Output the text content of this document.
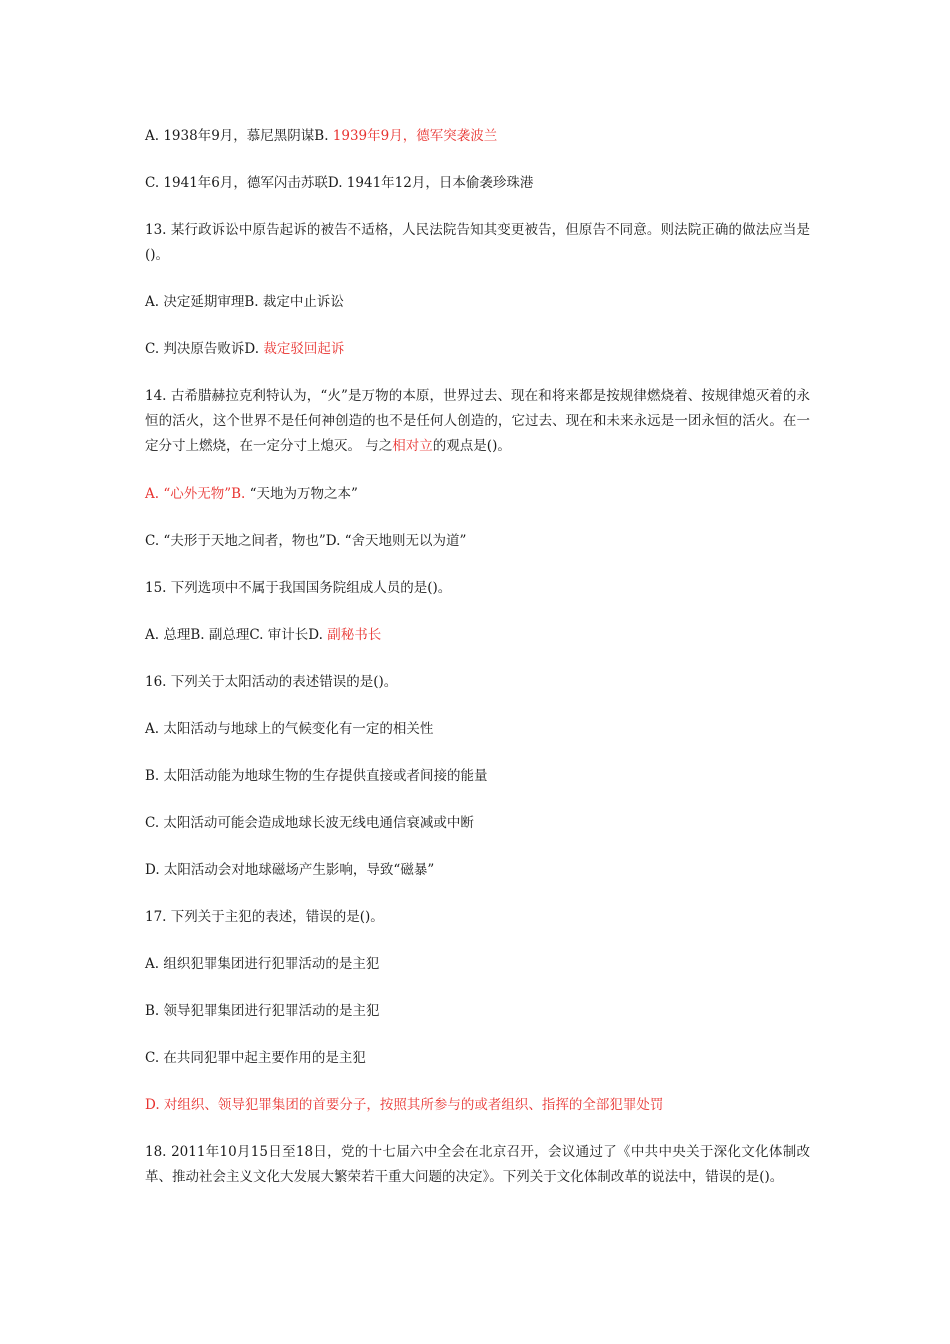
A. 1938年9月，慕尼黑阴谋B. 1939年9月，德军突袭波兰
C. 1941年6月，德军闪击苏联D. 1941年12月，日本偷袭珍珠港
13. 某行政诉讼中原告起诉的被告不适格，人民法院告知其变更被告，但原告不同意。则法院正确的做法应当是()。
A. 决定延期审理B. 裁定中止诉讼
C. 判决原告败诉D. 裁定驳回起诉
14. 古希腊赫拉克利特认为，“火”是万物的本原，世界过去、现在和将来都是按规律燃烧着、按规律熄灭着的永恒的活火，这个世界不是任何神创造的也不是任何人创造的，它过去、现在和未来永远是一团永恒的活火。在一定分寸上燃烧，在一定分寸上熄灭。 与之相对立的观点是()。
A. “心外无物”B. “天地为万物之本”
C. “夫形于天地之间者，物也”D. “舍天地则无以为道”
15. 下列选项中不属于我国国务院组成人员的是()。
A. 总理B. 副总理C. 审计长D. 副秘书长
16. 下列关于太阳活动的表述错误的是()。
A. 太阳活动与地球上的气候变化有一定的相关性
B. 太阳活动能为地球生物的生存提供直接或者间接的能量
C. 太阳活动可能会造成地球长波无线电通信衰减或中断
D. 太阳活动会对地球磁场产生影响，导致“磁暴”
17. 下列关于主犯的表述，错误的是()。
A. 组织犯罪集团进行犯罪活动的是主犯
B. 领导犯罪集团进行犯罪活动的是主犯
C. 在共同犯罪中起主要作用的是主犯
D. 对组织、领导犯罪集团的首要分子，按照其所参与的或者组织、指挥的全部犯罪处罚
18. 2011年10月15日至18日，党的十七届六中全会在北京召开，会议通过了《中共中央关于深化文化体制改革、推动社会主义文化大发展大繁荣若干重大问题的决定》。下列关于文化体制改革的说法中，错误的是()。
